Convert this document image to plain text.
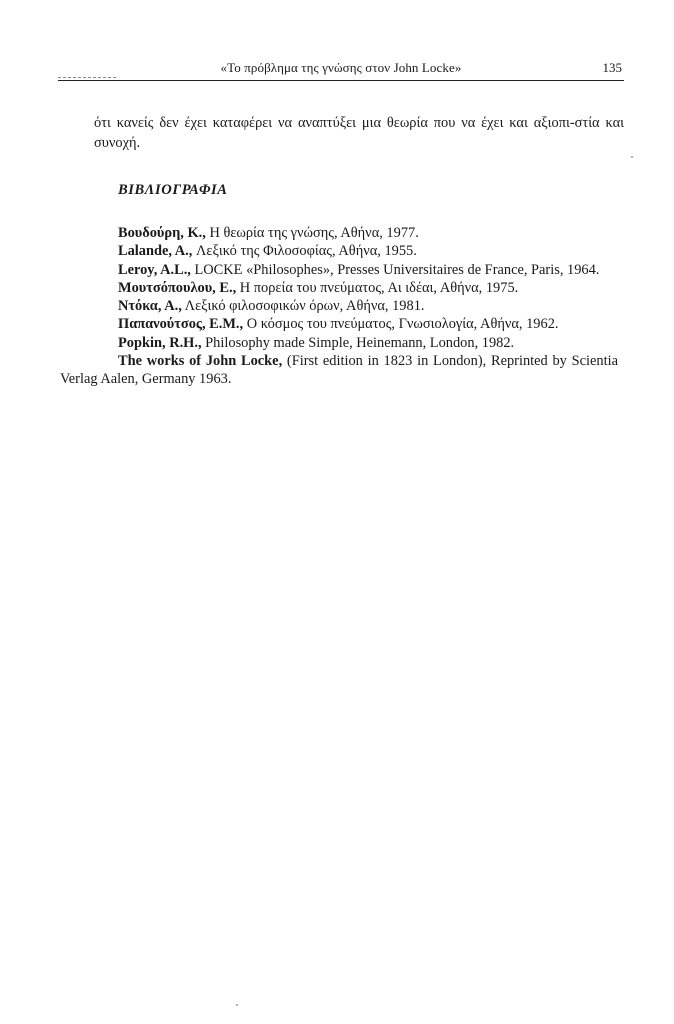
«Το πρόβλημα της γνώσης στον John Locke»	135

ότι κανείς δεν έχει καταφέρει να αναπτύξει μια θεωρία που να έχει και αξιοπι-στία και συνοχή.

ΒΙΒΛΙΟΓΡΑΦΙΑ

Βουδούρη, Κ., Η θεωρία της γνώσης, Αθήνα, 1977.

Lalande, A., Λεξικό της Φιλοσοφίας, Αθήνα, 1955.

Leroy, A.L., LOCKE «Philosophes», Presses Universitaires de France, Paris, 1964.

Μουτσόπουλου, Ε., Η πορεία του πνεύματος, Αι ιδέαι, Αθήνα, 1975.

Ντόκα, Α., Λεξικό φιλοσοφικών όρων, Αθήνα, 1981.

Παπανούτσος, Ε.Μ., Ο κόσμος του πνεύματος, Γνωσιολογία, Αθήνα, 1962.

Popkin, R.H., Philosophy made Simple, Heinemann, London, 1982.

The works of John Locke, (First edition in 1823 in London), Reprinted by Scientia Verlag Aalen, Germany 1963.
